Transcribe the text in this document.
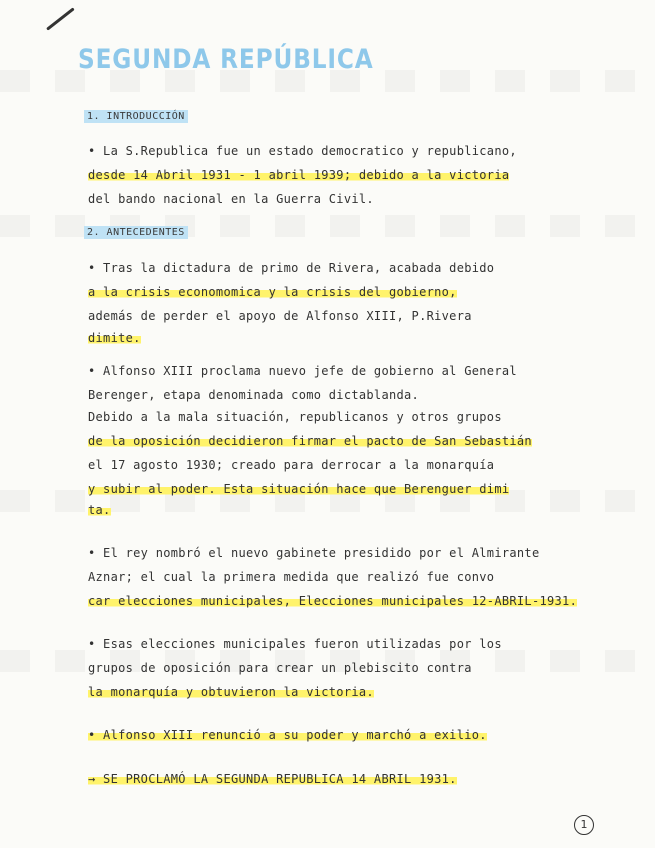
SEGUNDA REPÚBLICA
1. INTRODUCCIÓN
• La S.Republica fue un estado democratico y republicano,
desde 14 Abril 1931 - 1 abril 1939; debido a la victoria
del bando nacional en la Guerra Civil.
2. ANTECEDENTES
• Tras la dictadura de primo de Rivera, acabada debido
a la crisis economomica y la crisis del gobierno,
además de perder el apoyo de Alfonso XIII, P.Rivera
dimite.
• Alfonso XIII proclama nuevo jefe de gobierno al General
Berenger, etapa denominada como dictablanda.
Debido a la mala situación, republicanos y otros grupos
de la oposición decidieron firmar el pacto de San Sebastián
el 17 agosto 1930; creado para derrocar a la monarquía
y subir al poder. Esta situación hace que Berenguer dimi
ta.
• El rey nombró el nuevo gabinete presidido por el Almirante
Aznar; el cual la primera medida que realizó fue convo
car elecciones municipales, Elecciones municipales 12-ABRIL-1931.
• Esas elecciones municipales fueron utilizadas por los
grupos de oposición para crear un plebiscito contra
la monarquía y obtuvieron la victoria.
• Alfonso XIII renunció a su poder y marchó a exilio.
→ SE PROCLAMÓ LA SEGUNDA REPUBLICA 14 ABRIL 1931.
1
